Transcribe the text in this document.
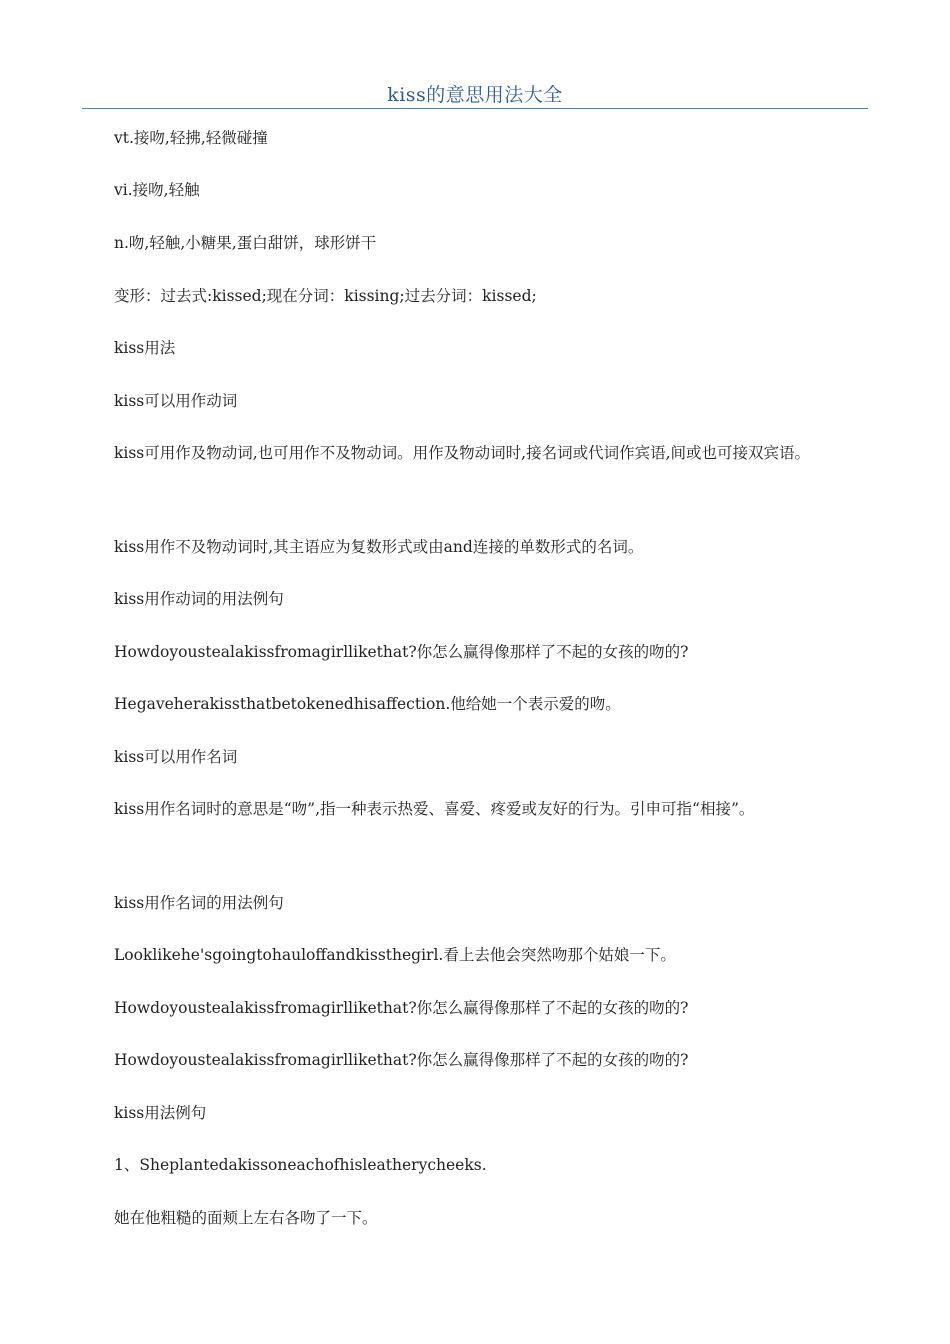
kiss的意思用法大全
vt.接吻,轻拂,轻微碰撞
vi.接吻,轻触
n.吻,轻触,小糖果,蛋白甜饼，球形饼干
变形：过去式:kissed;现在分词：kissing;过去分词：kissed;
kiss用法
kiss可以用作动词
kiss可用作及物动词,也可用作不及物动词。用作及物动词时,接名词或代词作宾语,间或也可接双宾语。
kiss用作不及物动词时,其主语应为复数形式或由and连接的单数形式的名词。
kiss用作动词的用法例句
Howdoyoustealakissfromagirllikethat?你怎么赢得像那样了不起的女孩的吻的?
Hegaveherakissthatbetokenedhisaffection.他给她一个表示爱的吻。
kiss可以用作名词
kiss用作名词时的意思是“吻”,指一种表示热爱、喜爱、疼爱或友好的行为。引申可指“相接”。
kiss用作名词的用法例句
Looklikehe'sgoingtohauloffandkissthegirl.看上去他会突然吻那个姑娘一下。
Howdoyoustealakissfromagirllikethat?你怎么赢得像那样了不起的女孩的吻的?
Howdoyoustealakissfromagirllikethat?你怎么赢得像那样了不起的女孩的吻的?
kiss用法例句
1、Sheplantedakissoneachofhisleatherycheeks.
她在他粗糙的面颊上左右各吻了一下。
